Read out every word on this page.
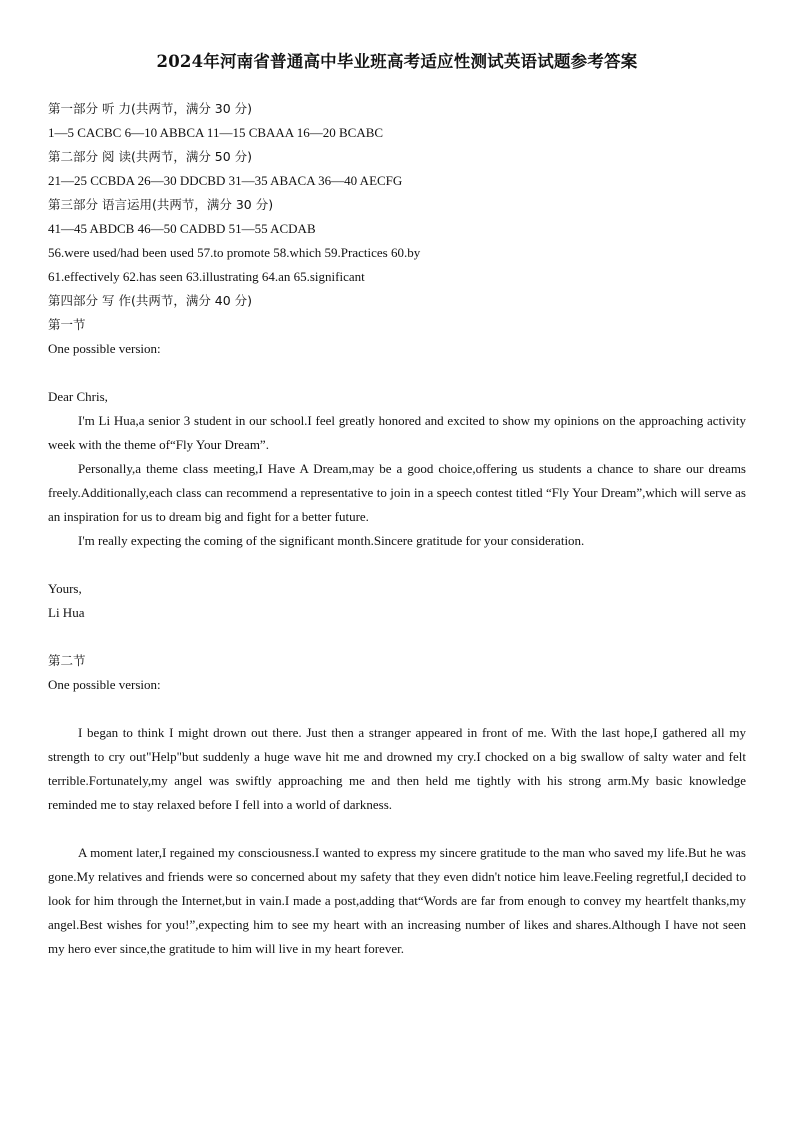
2024年河南省普通高中毕业班高考适应性测试英语试题参考答案
第一部分 听 力(共两节，满分 30 分)
1—5 CACBC 6—10 ABBCA 11—15 CBAAA 16—20 BCABC
第二部分 阅 读(共两节，满分 50 分)
21—25 CCBDA 26—30 DDCBD 31—35 ABACA 36—40 AECFG
第三部分 语言运用(共两节，满分 30 分)
41—45 ABDCB 46—50 CADBD 51—55 ACDAB
56.were used/had been used 57.to promote 58.which 59.Practices 60.by
61.effectively 62.has seen 63.illustrating 64.an 65.significant
第四部分 写 作(共两节，满分 40 分)
第一节
One possible version:
Dear Chris,
I'm Li Hua,a senior 3 student in our school.I feel greatly honored and excited to show my opinions on the approaching activity week with the theme of“Fly Your Dream”.
Personally,a theme class meeting,I Have A Dream,may be a good choice,offering us students a chance to share our dreams freely.Additionally,each class can recommend a representative to join in a speech contest titled “Fly Your Dream”,which will serve as an inspiration for us to dream big and fight for a better future.
I'm really expecting the coming of the significant month.Sincere gratitude for your consideration.
Yours,
Li Hua
第二节
One possible version:
I began to think I might drown out there. Just then a stranger appeared in front of me. With the last hope,I gathered all my strength to cry out"Help"but suddenly a huge wave hit me and drowned my cry.I chocked on a big swallow of salty water and felt terrible.Fortunately,my angel was swiftly approaching me and then held me tightly with his strong arm.My basic knowledge reminded me to stay relaxed before I fell into a world of darkness.
A moment later,I regained my consciousness.I wanted to express my sincere gratitude to the man who saved my life.But he was gone.My relatives and friends were so concerned about my safety that they even didn't notice him leave.Feeling regretful,I decided to look for him through the Internet,but in vain.I made a post,adding that“Words are far from enough to convey my heartfelt thanks,my angel.Best wishes for you!”,expecting him to see my heart with an increasing number of likes and shares.Although I have not seen my hero ever since,the gratitude to him will live in my heart forever.
